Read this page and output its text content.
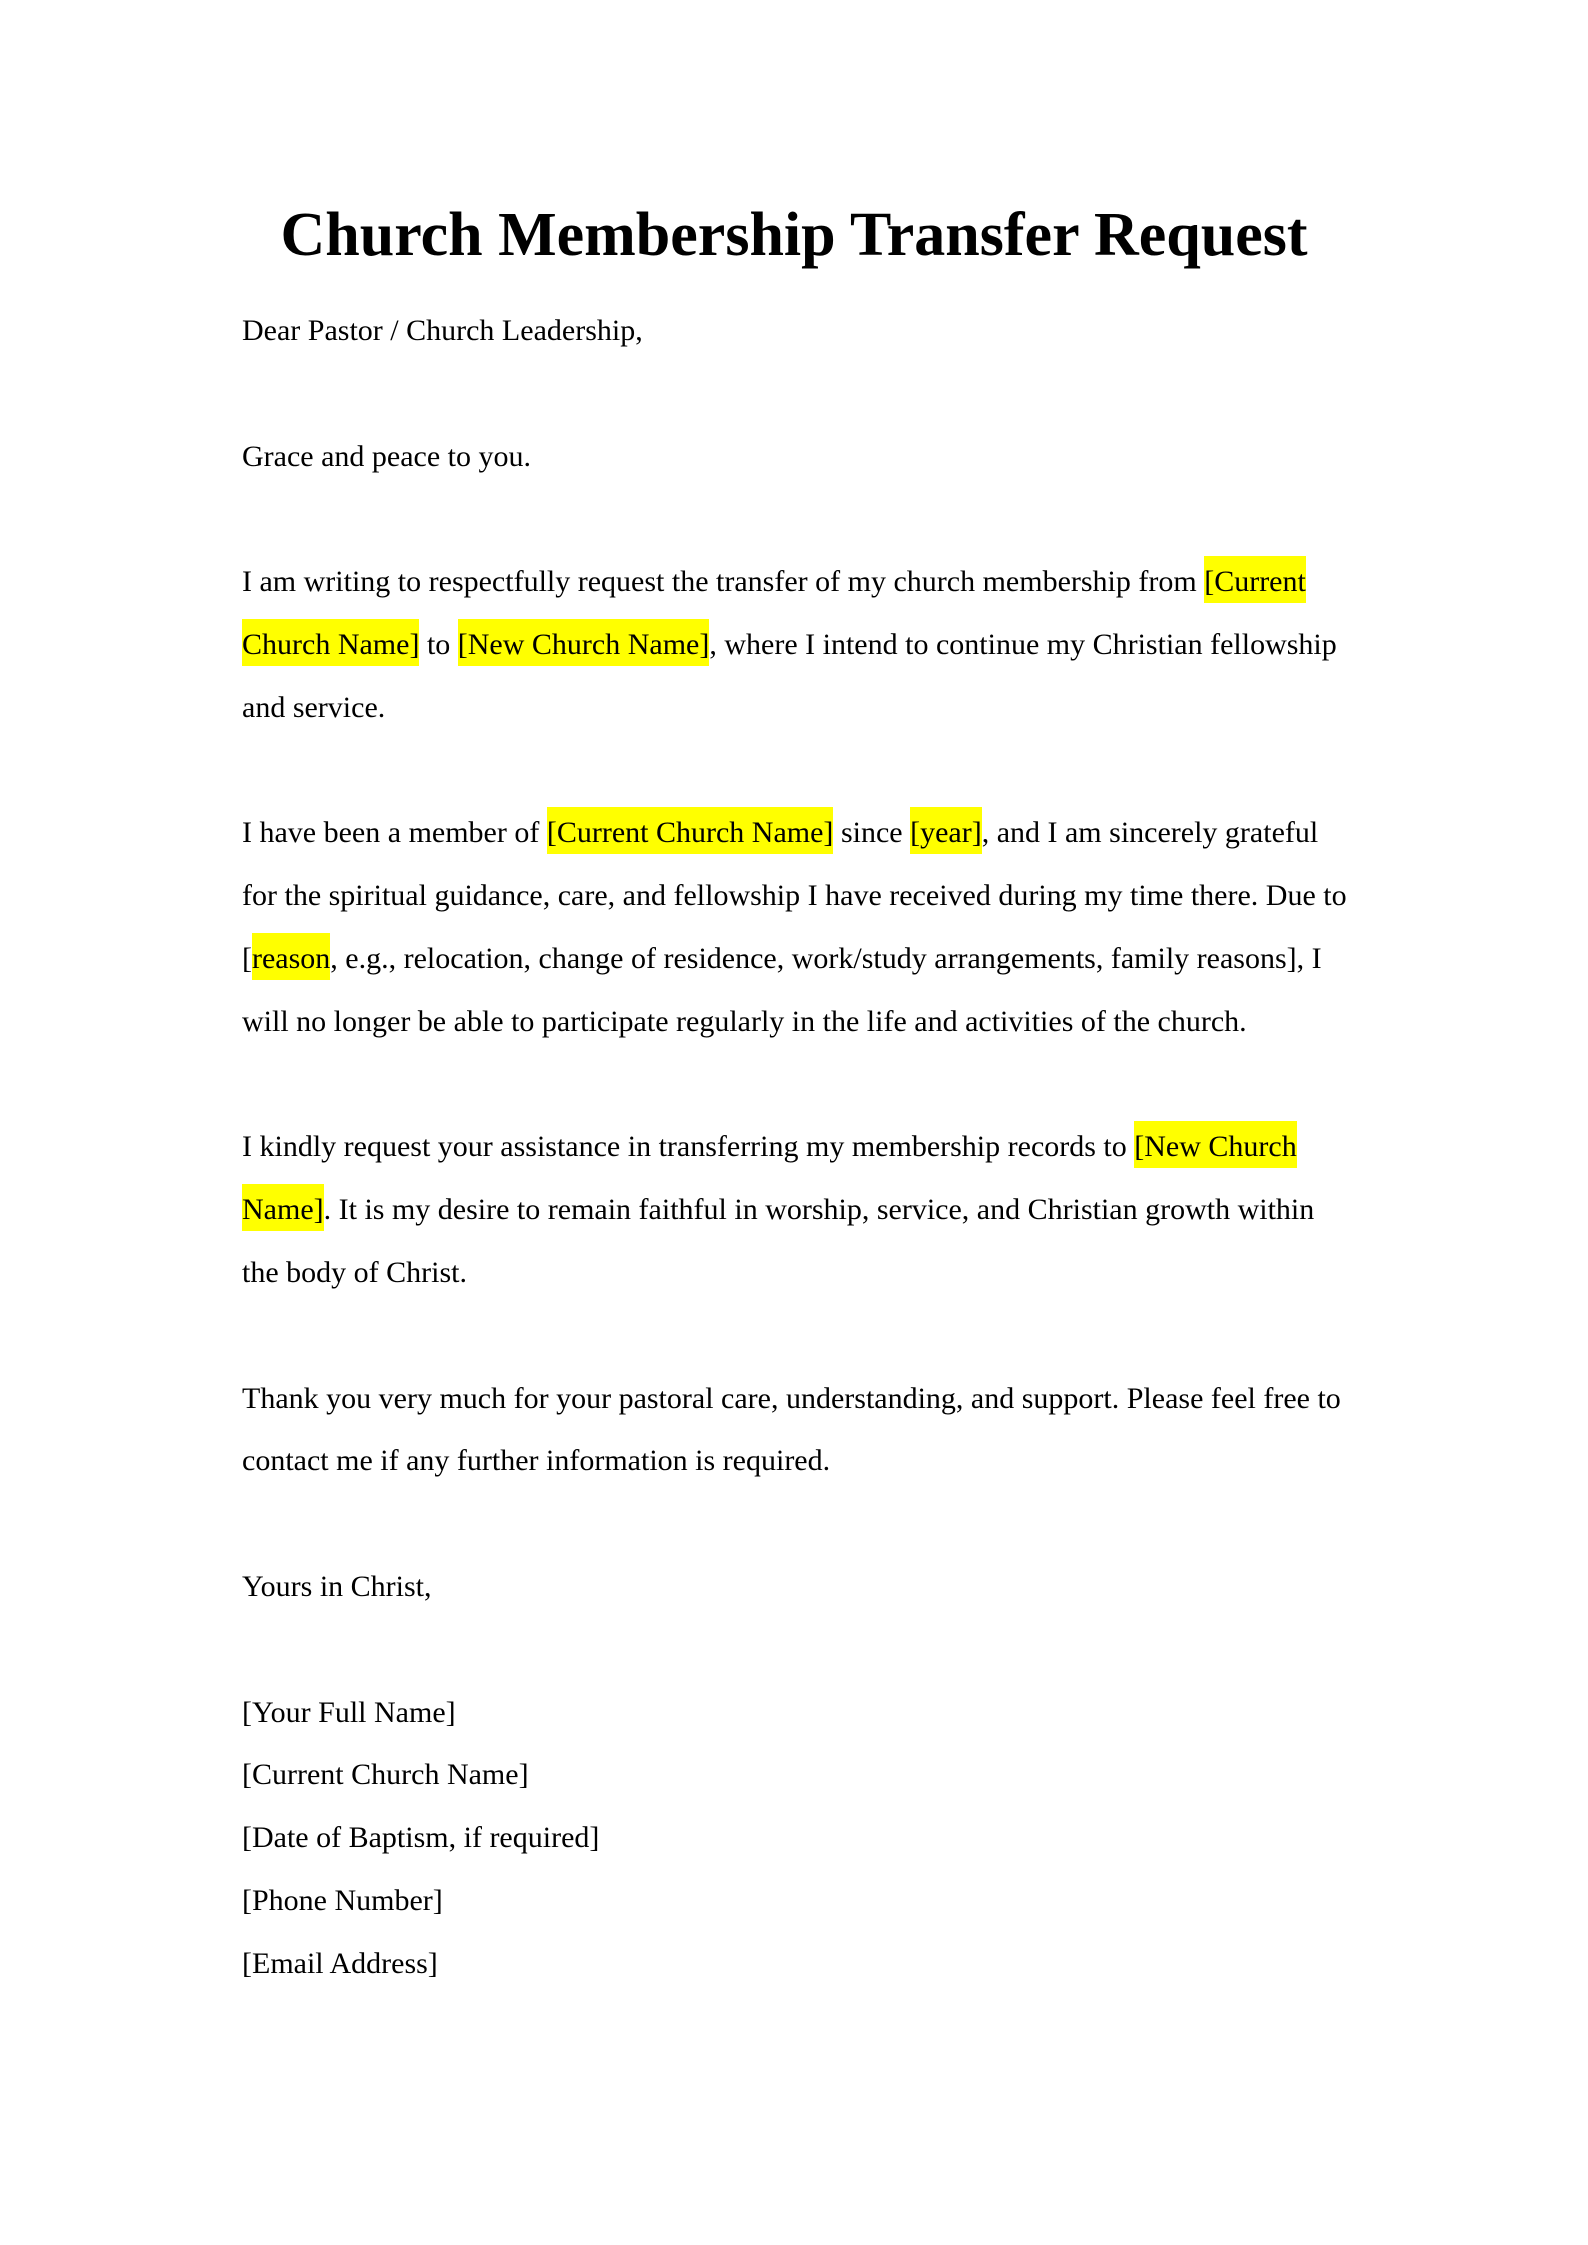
Church Membership Transfer Request

Dear Pastor / Church Leadership,

Grace and peace to you.

I am writing to respectfully request the transfer of my church membership from [Current Church Name] to [New Church Name], where I intend to continue my Christian fellowship and service.

I have been a member of [Current Church Name] since [year], and I am sincerely grateful for the spiritual guidance, care, and fellowship I have received during my time there. Due to [reason, e.g., relocation, change of residence, work/study arrangements, family reasons], I will no longer be able to participate regularly in the life and activities of the church.

I kindly request your assistance in transferring my membership records to [New Church Name]. It is my desire to remain faithful in worship, service, and Christian growth within the body of Christ.

Thank you very much for your pastoral care, understanding, and support. Please feel free to contact me if any further information is required.

Yours in Christ,

[Your Full Name]
[Current Church Name]
[Date of Baptism, if required]
[Phone Number]
[Email Address]
